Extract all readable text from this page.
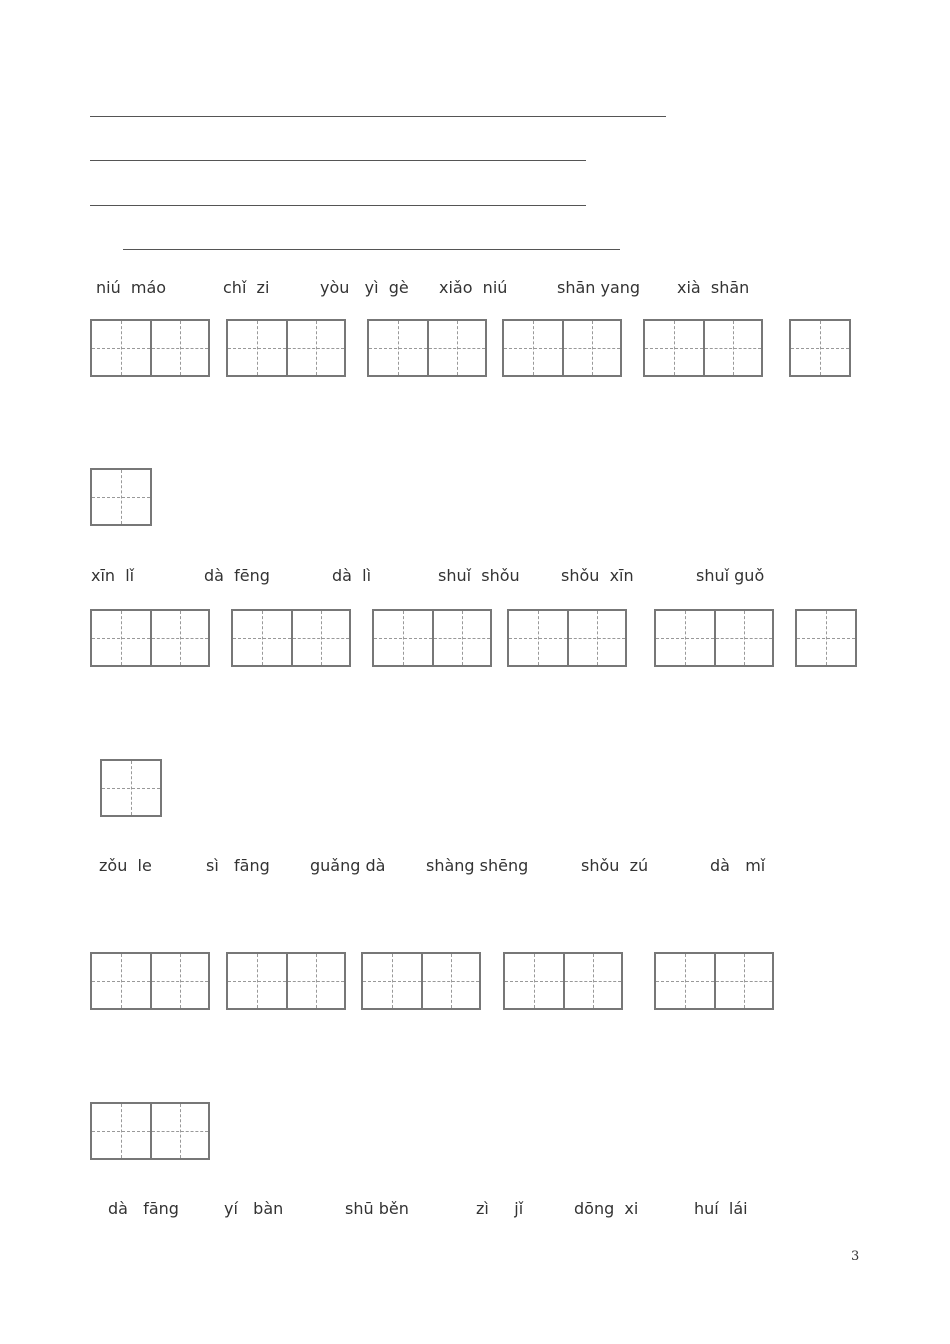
niú  máo	chǐ  zi	yòu   yì  gè xiǎo  niú	shān yang xià  shān
xīn  lǐ	dà  fēng	dà  lì	shuǐ  shǒu	shǒu  xīn	shuǐ guǒ
zǒu  le	sì   fāng	guǎng dà	shàng shēng	shǒu  zú	dà   mǐ
dà   fāng	yí   bàn	shū běn	zì     jǐ	dōng  xi	huí  lái
3
